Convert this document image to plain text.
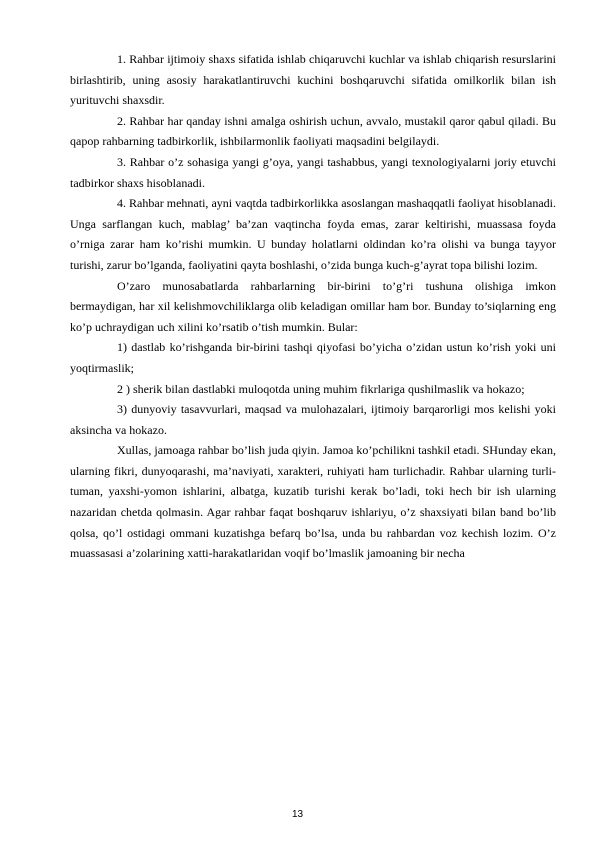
1. Rahbar ijtimoiy shaxs sifatida ishlab chiqaruvchi kuchlar va ishlab chiqarish resurslarini birlashtirib, uning asosiy harakatlantiruvchi kuchini boshqaruvchi sifatida omilkorlik bilan ish yurituvchi shaxsdir.

2. Rahbar har qanday ishni amalga oshirish uchun, avvalo, mustakil qaror qabul qiladi. Bu qapop rahbarning tadbirkorlik, ishbilarmonlik faoliyati maqsadini belgilaydi.

3. Rahbar o’z sohasiga yangi g’oya, yangi tashabbus, yangi texnologiyalarni joriy etuvchi tadbirkor shaxs hisoblanadi.

4. Rahbar mehnati, ayni vaqtda tadbirkorlikka asoslangan mashaqqatli faoliyat hisoblanadi. Unga sarflangan kuch, mablag’ ba’zan vaqtincha foyda emas, zarar keltirishi, muassasa foyda o’rniga zarar ham ko’rishi mumkin. U bunday holatlarni oldindan ko’ra olishi va bunga tayyor turishi, zarur bo’lganda, faoliyatini qayta boshlashi, o’zida bunga kuch-g’ayrat topa bilishi lozim.

O’zaro munosabatlarda rahbarlarning bir-birini to’g’ri tushuna olishiga imkon bermaydigan, har xil kelishmovchiliklarga olib keladigan omillar ham bor. Bunday to’siqlarning eng ko’p uchraydigan uch xilini ko’rsatib o’tish mumkin. Bular:

1) dastlab ko’rishganda bir-birini tashqi qiyofasi bo’yicha o’zidan ustun ko’rish yoki uni yoqtirmaslik;

2 ) sherik bilan dastlabki muloqotda uning muhim fikrlariga qushilmaslik va hokazo;

3) dunyoviy tasavvurlari, maqsad va mulohazalari, ijtimoiy barqarorligi mos kelishi yoki aksincha va hokazo.

Xullas, jamoaga rahbar bo’lish juda qiyin. Jamoa ko’pchilikni tashkil etadi. SHunday ekan, ularning fikri, dunyoqarashi, ma’naviyati, xarakteri, ruhiyati ham turlichadir. Rahbar ularning turli-tuman, yaxshi-yomon ishlarini, albatga, kuzatib turishi kerak bo’ladi, toki hech bir ish ularning nazaridan chetda qolmasin. Agar rahbar faqat boshqaruv ishlariyu, o’z shaxsiyati bilan band bo’lib qolsa, qo’l ostidagi ommani kuzatishga befarq bo’lsa, unda bu rahbardan voz kechish lozim. O’z muassasasi a’zolarining xatti-harakatlaridan voqif bo’lmaslik jamoaning bir necha

13
